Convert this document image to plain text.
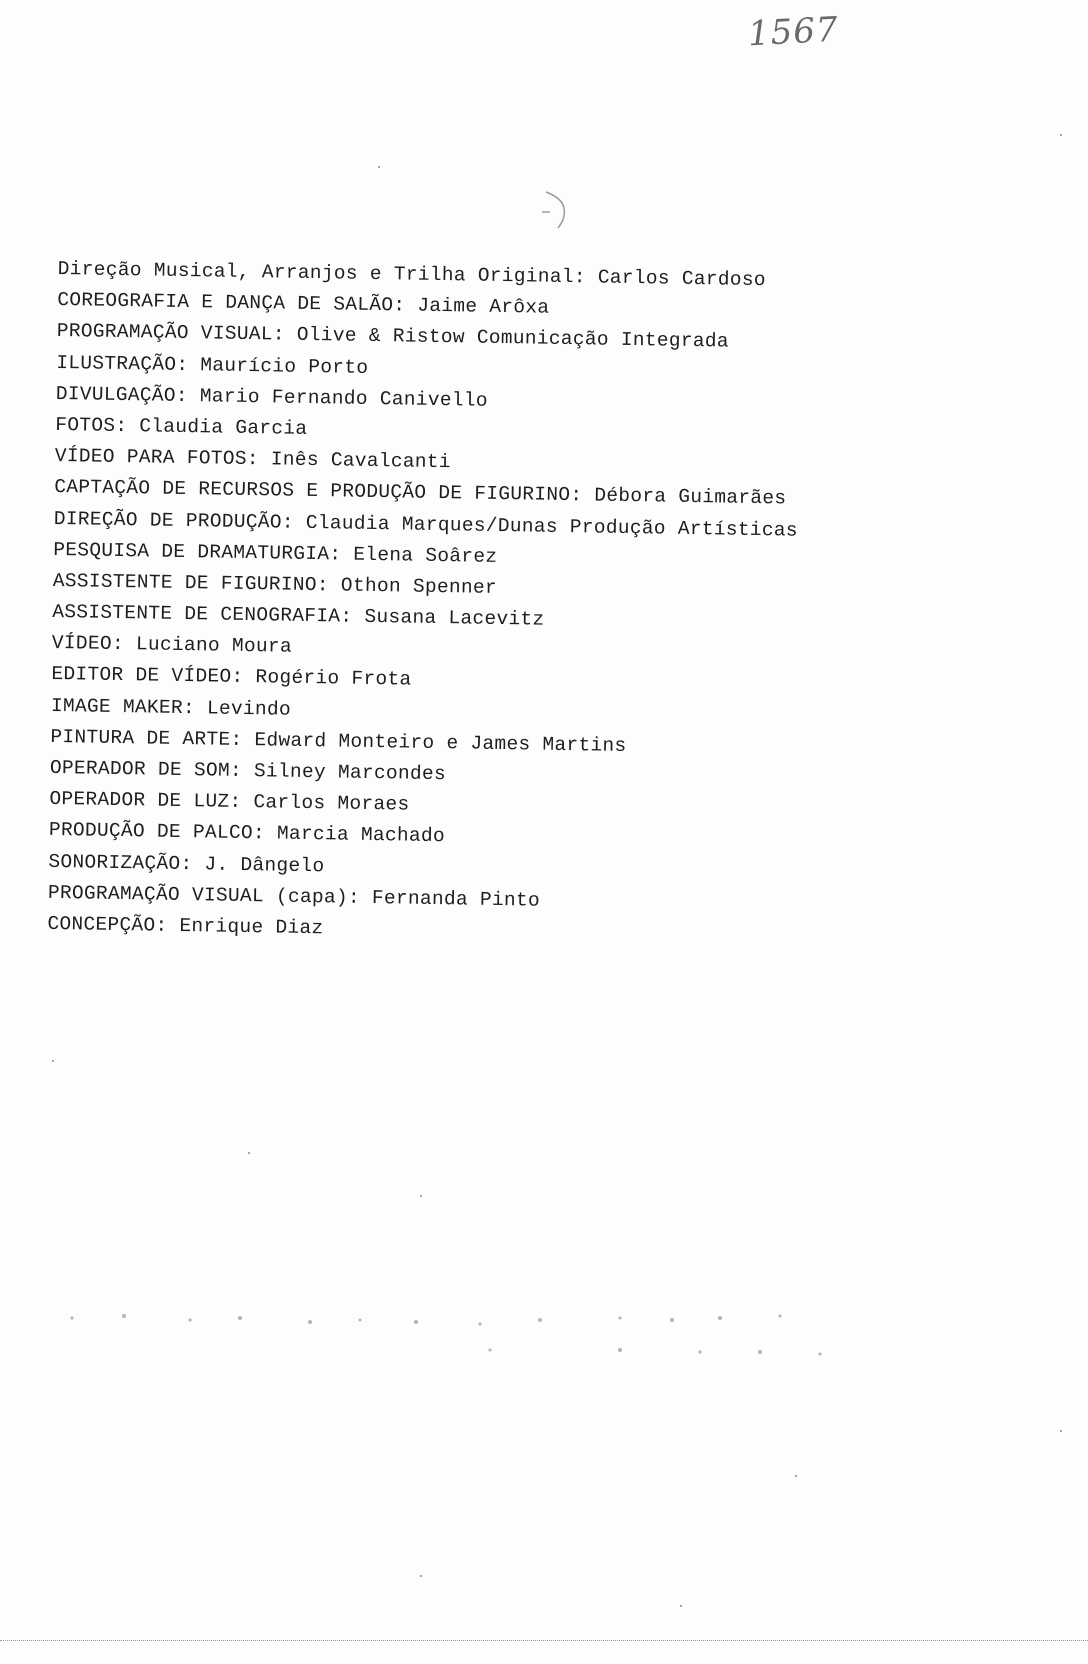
1567
Direção Musical, Arranjos e Trilha Original: Carlos Cardoso
COREOGRAFIA E DANÇA DE SALÃO: Jaime Arôxa
PROGRAMAÇÃO VISUAL: Olive & Ristow Comunicação Integrada
ILUSTRAÇÃO: Maurício Porto
DIVULGAÇÃO: Mario Fernando Canivello
FOTOS: Claudia Garcia
VÍDEO PARA FOTOS: Inês Cavalcanti
CAPTAÇÃO DE RECURSOS E PRODUÇÃO DE FIGURINO: Débora Guimarães
DIREÇÃO DE PRODUÇÃO: Claudia Marques/Dunas Produção Artísticas
PESQUISA DE DRAMATURGIA: Elena Soârez
ASSISTENTE DE FIGURINO: Othon Spenner
ASSISTENTE DE CENOGRAFIA: Susana Lacevitz
VÍDEO: Luciano Moura
EDITOR DE VÍDEO: Rogério Frota
IMAGE MAKER: Levindo
PINTURA DE ARTE: Edward Monteiro e James Martins
OPERADOR DE SOM: Silney Marcondes
OPERADOR DE LUZ: Carlos Moraes
PRODUÇÃO DE PALCO: Marcia Machado
SONORIZAÇÃO: J. Dângelo
PROGRAMAÇÃO VISUAL (capa): Fernanda Pinto
CONCEPÇÃO: Enrique Diaz
